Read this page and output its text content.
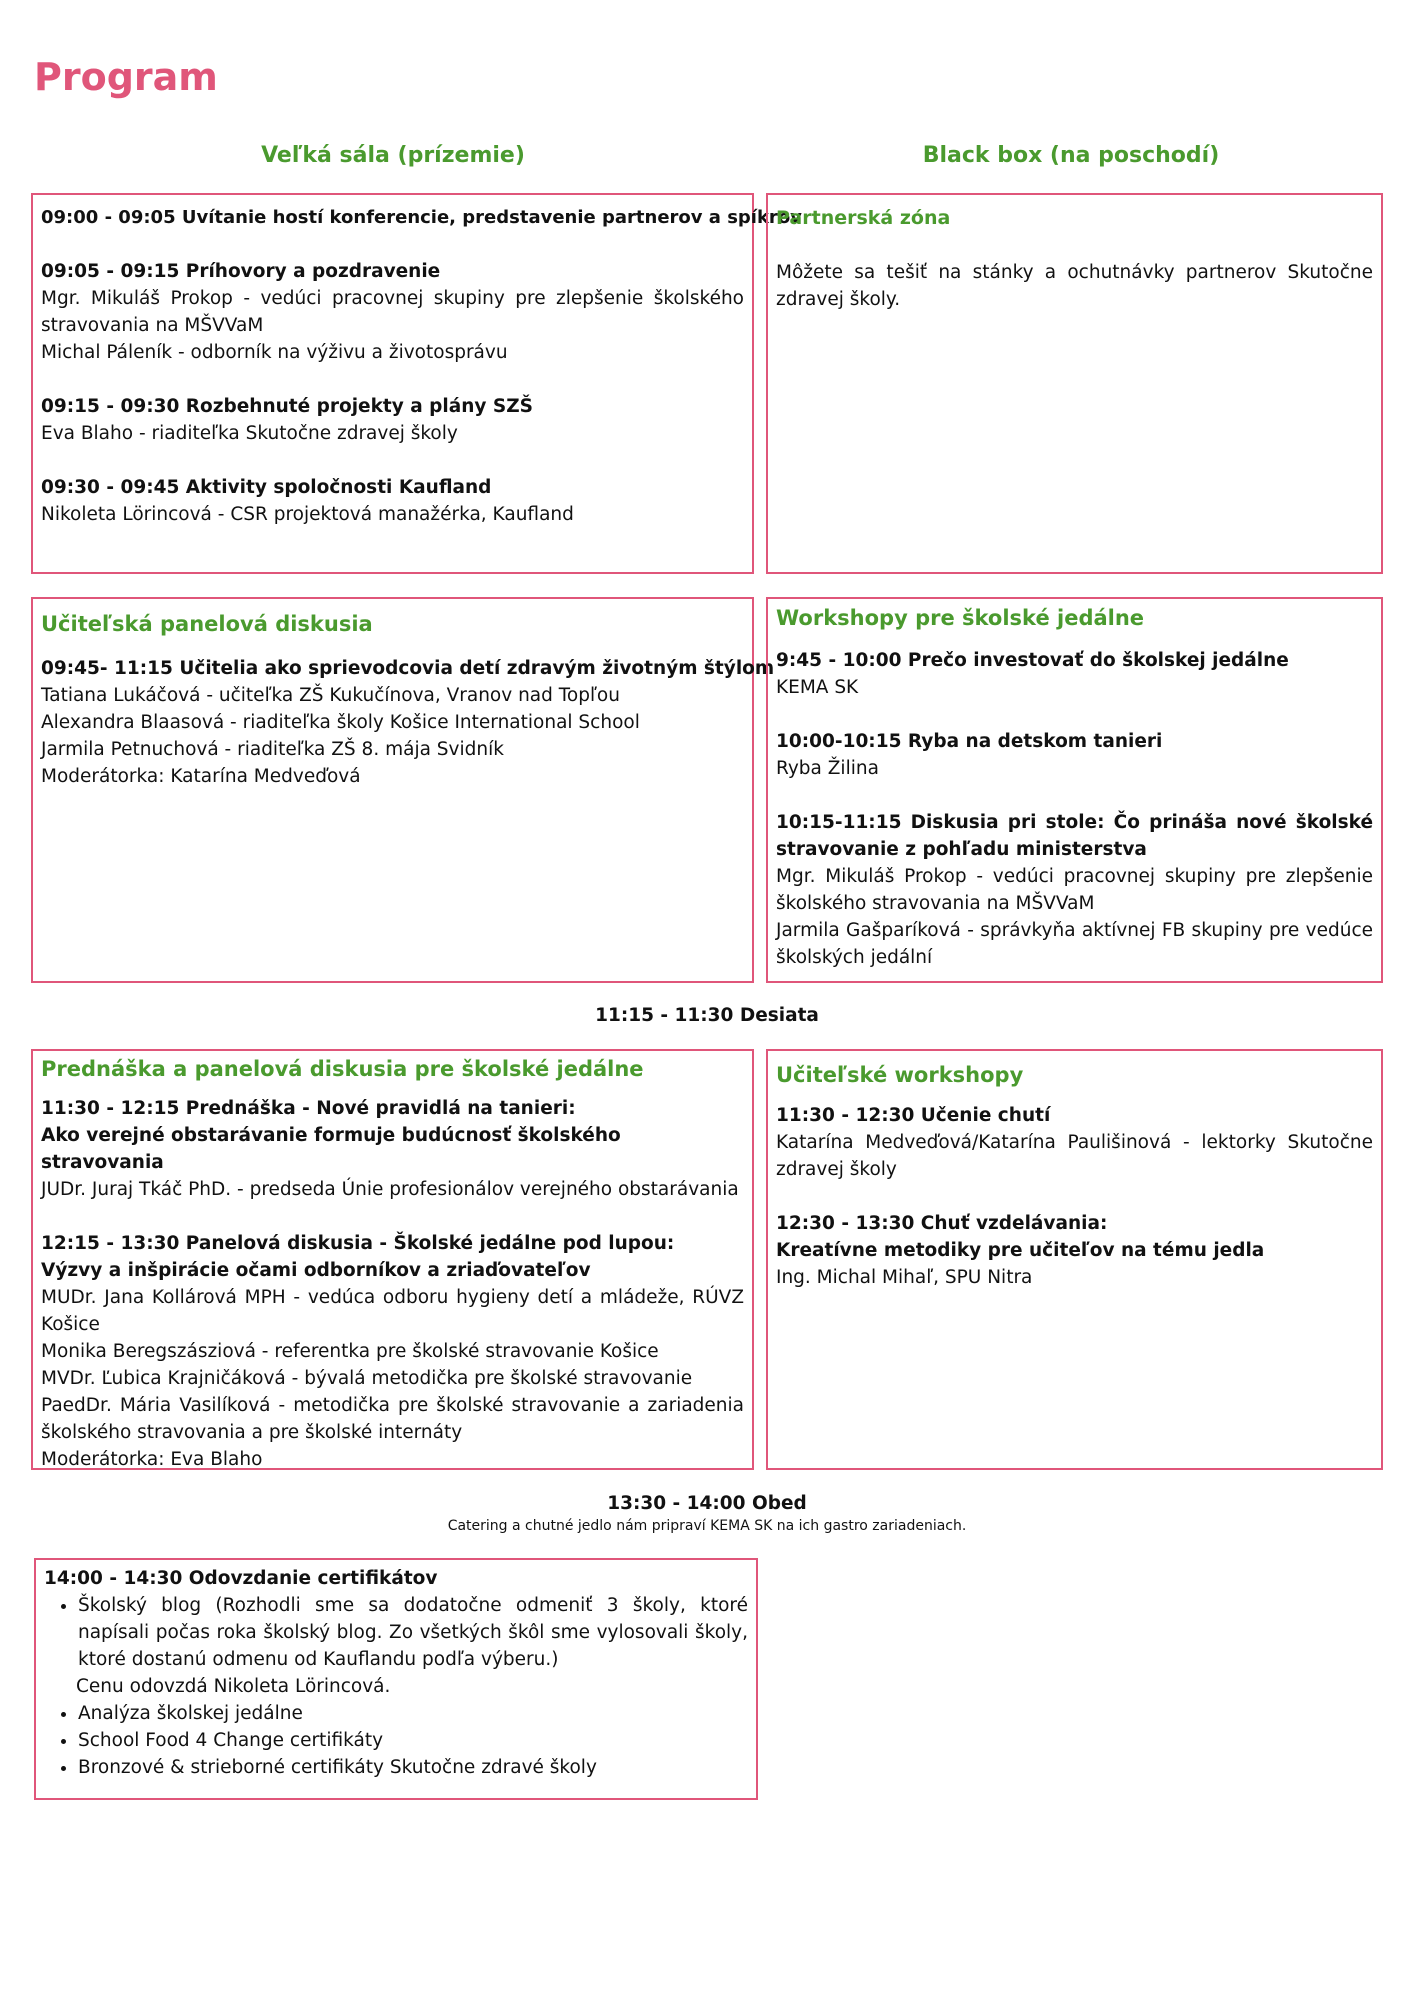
Program
Veľká sála (prízemie)	Black box (na poschodí)

09:00 - 09:05 Uvítanie hostí konferencie, predstavenie partnerov a spíkrov

09:05 - 09:15 Príhovory a pozdravenie

Mgr. Mikuláš Prokop - vedúci pracovnej skupiny pre zlepšenie školského stravovania na MŠVVaM

Michal Páleník - odborník na výživu a životosprávu

09:15 - 09:30 Rozbehnuté projekty a plány SZŠ

Eva Blaho - riaditeľka Skutočne zdravej školy

09:30 - 09:45 Aktivity spoločnosti Kaufland

Nikoleta Lörincová - CSR projektová manažérka, Kaufland

Partnerská zóna

Môžete sa tešiť na stánky a ochutnávky partnerov Skutočne zdravej školy.

Učiteľská panelová diskusia

09:45- 11:15 Učitelia ako sprievodcovia detí zdravým životným štýlom

Tatiana Lukáčová - učiteľka ZŠ Kukučínova, Vranov nad Topľou

Alexandra Blaasová - riaditeľka školy Košice International School

Jarmila Petnuchová - riaditeľka ZŠ 8. mája Svidník

Moderátorka: Katarína Medveďová

Workshopy pre školské jedálne

9:45 - 10:00 Prečo investovať do školskej jedálne

KEMA SK

10:00-10:15 Ryba na detskom tanieri

Ryba Žilina

10:15-11:15 Diskusia pri stole: Čo prináša nové školské stravovanie z pohľadu ministerstva

Mgr. Mikuláš Prokop - vedúci pracovnej skupiny pre zlepšenie školského stravovania na MŠVVaM

Jarmila Gašparíková - správkyňa aktívnej FB skupiny pre vedúce školských jedální

11:15 - 11:30 Desiata

Prednáška a panelová diskusia pre školské jedálne

11:30 - 12:15 Prednáška - Nové pravidlá na tanieri:

Ako verejné obstarávanie formuje budúcnosť školského stravovania

JUDr. Juraj Tkáč PhD. - predseda Únie profesionálov verejného obstarávania

12:15 - 13:30 Panelová diskusia - Školské jedálne pod lupou:

Výzvy a inšpirácie očami odborníkov a zriaďovateľov

MUDr. Jana Kollárová MPH - vedúca odboru hygieny detí a mládeže, RÚVZ Košice

Monika Beregszásziová - referentka pre školské stravovanie Košice

MVDr. Ľubica Krajničáková - bývalá metodička pre školské stravovanie

PaedDr. Mária Vasilíková - metodička pre školské stravovanie a zariadenia školského stravovania a pre školské internáty

Moderátorka: Eva Blaho

Učiteľské workshopy

11:30 - 12:30 Učenie chutí

Katarína Medveďová/Katarína Paulišinová - lektorky Skutočne zdravej školy

12:30 - 13:30 Chuť vzdelávania:

Kreatívne metodiky pre učiteľov na tému jedla

Ing. Michal Mihaľ, SPU Nitra

13:30 - 14:00 Obed
Catering a chutné jedlo nám pripraví KEMA SK na ich gastro zariadeniach.

14:00 - 14:30 Odovzdanie certifikátov

• Školský blog (Rozhodli sme sa dodatočne odmeniť 3 školy, ktoré napísali počas roka školský blog. Zo všetkých škôl sme vylosovali školy, ktoré dostanú odmenu od Kauflandu podľa výberu.)

Cenu odovzdá Nikoleta Lörincová.

• Analýza školskej jedálne
• School Food 4 Change certifikáty
• Bronzové & strieborné certifikáty Skutočne zdravé školy
